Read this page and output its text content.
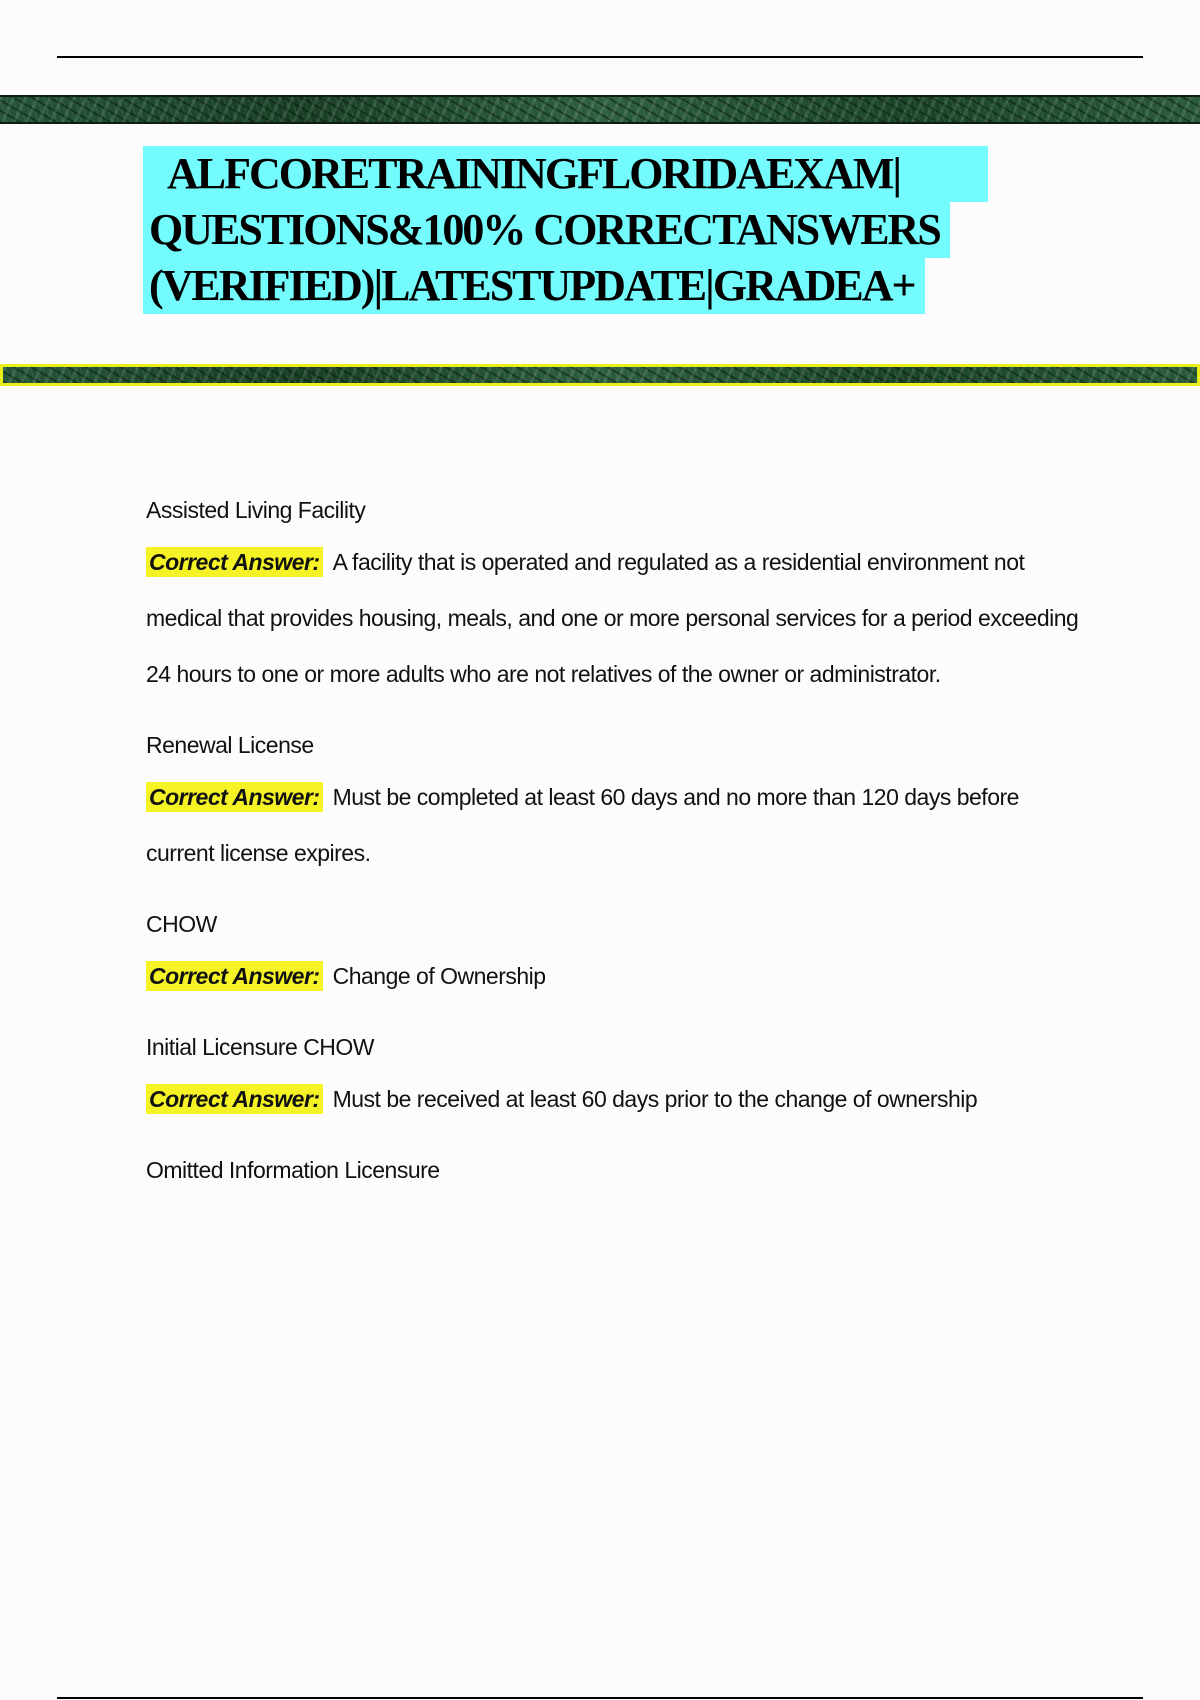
ALFCORETRAININGFLORIDAEXAM|
QUESTIONS&100% CORRECTANSWERS
(VERIFIED)|LATESTUPDATE|GRADEA+

Assisted Living Facility

Correct Answer: A facility that is operated and regulated as a residential environment not medical that provides housing, meals, and one or more personal services for a period exceeding 24 hours to one or more adults who are not relatives of the owner or administrator.

Renewal License

Correct Answer: Must be completed at least 60 days and no more than 120 days before current license expires.

CHOW

Correct Answer: Change of Ownership

Initial Licensure CHOW

Correct Answer: Must be received at least 60 days prior to the change of ownership

Omitted Information Licensure
